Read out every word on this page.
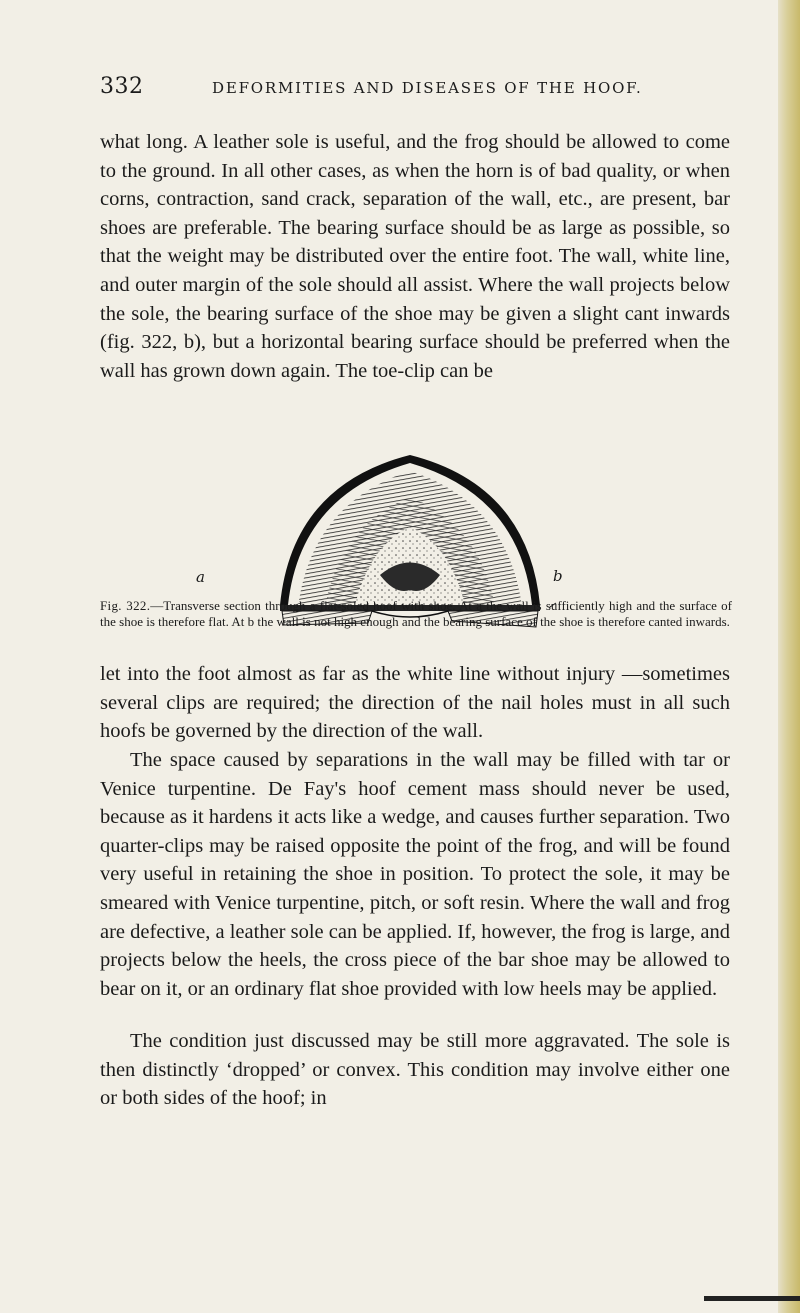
332	DEFORMITIES AND DISEASES OF THE HOOF.

what long. A leather sole is useful, and the frog should be allowed to come to the ground. In all other cases, as when the horn is of bad quality, or when corns, contraction, sand crack, separation of the wall, etc., are present, bar shoes are preferable. The bearing surface should be as large as possible, so that the weight may be distributed over the entire foot. The wall, white line, and outer margin of the sole should all assist. Where the wall projects below the sole, the bearing surface of the shoe may be given a slight cant inwards (fig. 322, b), but a horizontal bearing surface should be preferred when the wall has grown down again. The toe-clip can be

a	b

Fig. 322.—Transverse section through a flat-soled hoof with shoe. At a the wall is sufficiently high and the surface of the shoe is therefore flat. At b the wall is not high enough and the bearing surface of the shoe is therefore canted inwards.

let into the foot almost as far as the white line without injury —sometimes several clips are required; the direction of the nail holes must in all such hoofs be governed by the direction of the wall.

The space caused by separations in the wall may be filled with tar or Venice turpentine. De Fay's hoof cement mass should never be used, because as it hardens it acts like a wedge, and causes further separation. Two quarter-clips may be raised opposite the point of the frog, and will be found very useful in retaining the shoe in position. To protect the sole, it may be smeared with Venice turpentine, pitch, or soft resin. Where the wall and frog are defective, a leather sole can be applied. If, however, the frog is large, and projects below the heels, the cross piece of the bar shoe may be allowed to bear on it, or an ordinary flat shoe provided with low heels may be applied.

The condition just discussed may be still more aggravated. The sole is then distinctly ‘dropped’ or convex. This condition may involve either one or both sides of the hoof; in
